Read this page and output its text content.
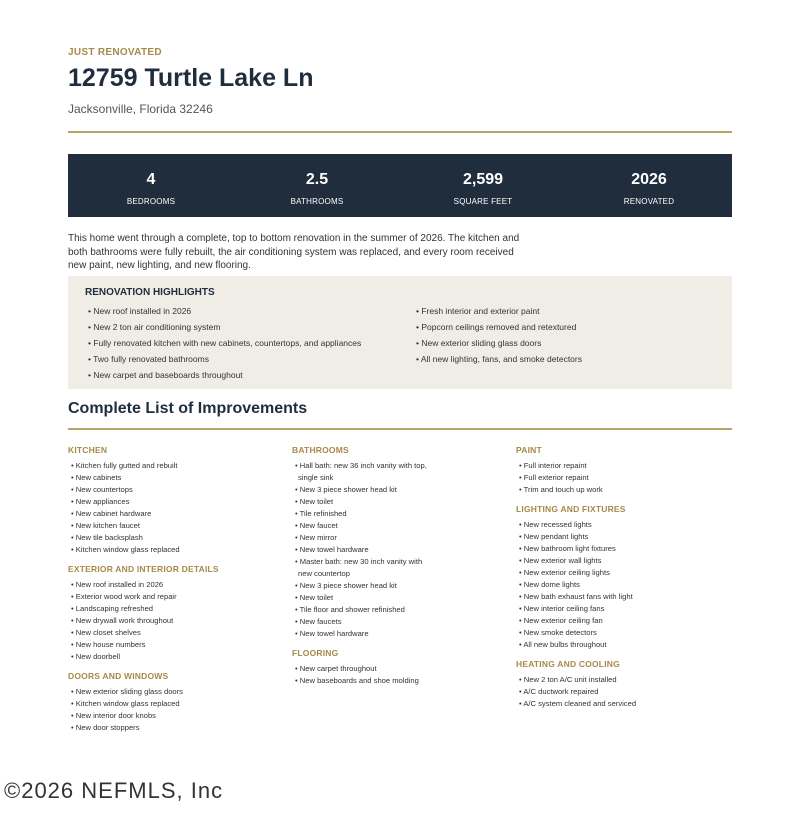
JUST RENOVATED
12759 Turtle Lake Ln
Jacksonville, Florida 32246
4
BEDROOMS
2.5
BATHROOMS
2,599
SQUARE FEET
2026
RENOVATED
This home went through a complete, top to bottom renovation in the summer of 2026. The kitchen and both bathrooms were fully rebuilt, the air conditioning system was replaced, and every room received new paint, new lighting, and new flooring.
RENOVATION HIGHLIGHTS
• New roof installed in 2026
• New 2 ton air conditioning system
• Fully renovated kitchen with new cabinets, countertops, and appliances
• Two fully renovated bathrooms
• New carpet and baseboards throughout
• Fresh interior and exterior paint
• Popcorn ceilings removed and retextured
• New exterior sliding glass doors
• All new lighting, fans, and smoke detectors
Complete List of Improvements
KITCHEN
• Kitchen fully gutted and rebuilt
• New cabinets
• New countertops
• New appliances
• New cabinet hardware
• New kitchen faucet
• New tile backsplash
• Kitchen window glass replaced
EXTERIOR AND INTERIOR DETAILS
• New roof installed in 2026
• Exterior wood work and repair
• Landscaping refreshed
• New drywall work throughout
• New closet shelves
• New house numbers
• New doorbell
DOORS AND WINDOWS
• New exterior sliding glass doors
• Kitchen window glass replaced
• New interior door knobs
• New door stoppers
BATHROOMS
• Hall bath: new 36 inch vanity with top,
single sink
• New 3 piece shower head kit
• New toilet
• Tile refinished
• New faucet
• New mirror
• New towel hardware
• Master bath: new 30 inch vanity with
new countertop
• New 3 piece shower head kit
• New toilet
• Tile floor and shower refinished
• New faucets
• New towel hardware
FLOORING
• New carpet throughout
• New baseboards and shoe molding
PAINT
• Full interior repaint
• Full exterior repaint
• Trim and touch up work
LIGHTING AND FIXTURES
• New recessed lights
• New pendant lights
• New bathroom light fixtures
• New exterior wall lights
• New exterior ceiling lights
• New dome lights
• New bath exhaust fans with light
• New interior ceiling fans
• New exterior ceiling fan
• New smoke detectors
• All new bulbs throughout
HEATING AND COOLING
• New 2 ton A/C unit installed
• A/C ductwork repaired
• A/C system cleaned and serviced
©2026 NEFMLS, Inc
